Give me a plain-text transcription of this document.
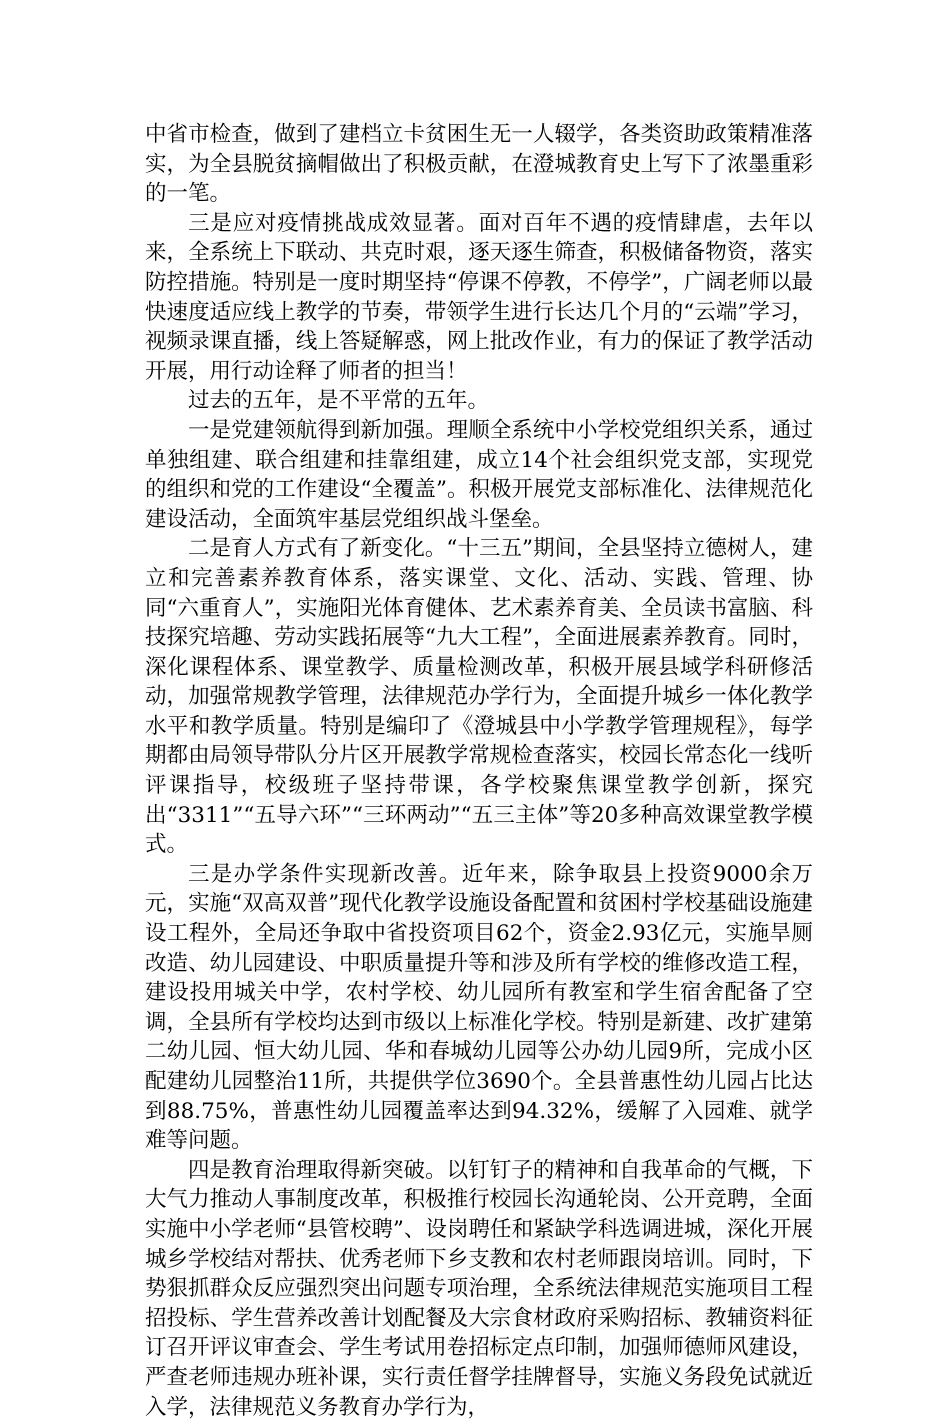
中省市检查，做到了建档立卡贫困生无一人辍学，各类资助政策精准落实，为全县脱贫摘帽做出了积极贡献，在澄城教育史上写下了浓墨重彩的一笔。

三是应对疫情挑战成效显著。面对百年不遇的疫情肆虐，去年以来，全系统上下联动、共克时艰，逐天逐生筛查，积极储备物资，落实防控措施。特别是一度时期坚持“停课不停教，不停学”，广阔老师以最快速度适应线上教学的节奏，带领学生进行长达几个月的“云端”学习，视频录课直播，线上答疑解惑，网上批改作业，有力的保证了教学活动开展，用行动诠释了师者的担当！

过去的五年，是不平常的五年。

一是党建领航得到新加强。理顺全系统中小学校党组织关系，通过单独组建、联合组建和挂靠组建，成立14个社会组织党支部，实现党的组织和党的工作建设“全覆盖”。积极开展党支部标准化、法律规范化建设活动，全面筑牢基层党组织战斗堡垒。

二是育人方式有了新变化。“十三五”期间，全县坚持立德树人，建立和完善素养教育体系，落实课堂、文化、活动、实践、管理、协同“六重育人”，实施阳光体育健体、艺术素养育美、全员读书富脑、科技探究培趣、劳动实践拓展等“九大工程”，全面进展素养教育。同时，深化课程体系、课堂教学、质量检测改革，积极开展县域学科研修活动，加强常规教学管理，法律规范办学行为，全面提升城乡一体化教学水平和教学质量。特别是编印了《澄城县中小学教学管理规程》，每学期都由局领导带队分片区开展教学常规检查落实，校园长常态化一线听评课指导，校级班子坚持带课，各学校聚焦课堂教学创新，探究出“3311”“五导六环”“三环两动”“五三主体”等20多种高效课堂教学模式。

三是办学条件实现新改善。近年来，除争取县上投资9000余万元，实施“双高双普”现代化教学设施设备配置和贫困村学校基础设施建设工程外，全局还争取中省投资项目62个，资金2.93亿元，实施旱厕改造、幼儿园建设、中职质量提升等和涉及所有学校的维修改造工程，建设投用城关中学，农村学校、幼儿园所有教室和学生宿舍配备了空调，全县所有学校均达到市级以上标准化学校。特别是新建、改扩建第二幼儿园、恒大幼儿园、华和春城幼儿园等公办幼儿园9所，完成小区配建幼儿园整治11所，共提供学位3690个。全县普惠性幼儿园占比达到88.75%，普惠性幼儿园覆盖率达到94.32%，缓解了入园难、就学难等问题。

四是教育治理取得新突破。以钉钉子的精神和自我革命的气概，下大气力推动人事制度改革，积极推行校园长沟通轮岗、公开竞聘，全面实施中小学老师“县管校聘”、设岗聘任和紧缺学科选调进城，深化开展城乡学校结对帮扶、优秀老师下乡支教和农村老师跟岗培训。同时，下势狠抓群众反应强烈突出问题专项治理，全系统法律规范实施项目工程招投标、学生营养改善计划配餐及大宗食材政府采购招标、教辅资料征订召开评议审查会、学生考试用卷招标定点印制，加强师德师风建设，严查老师违规办班补课，实行责任督学挂牌督导，实施义务段免试就近入学，法律规范义务教育办学行为，
